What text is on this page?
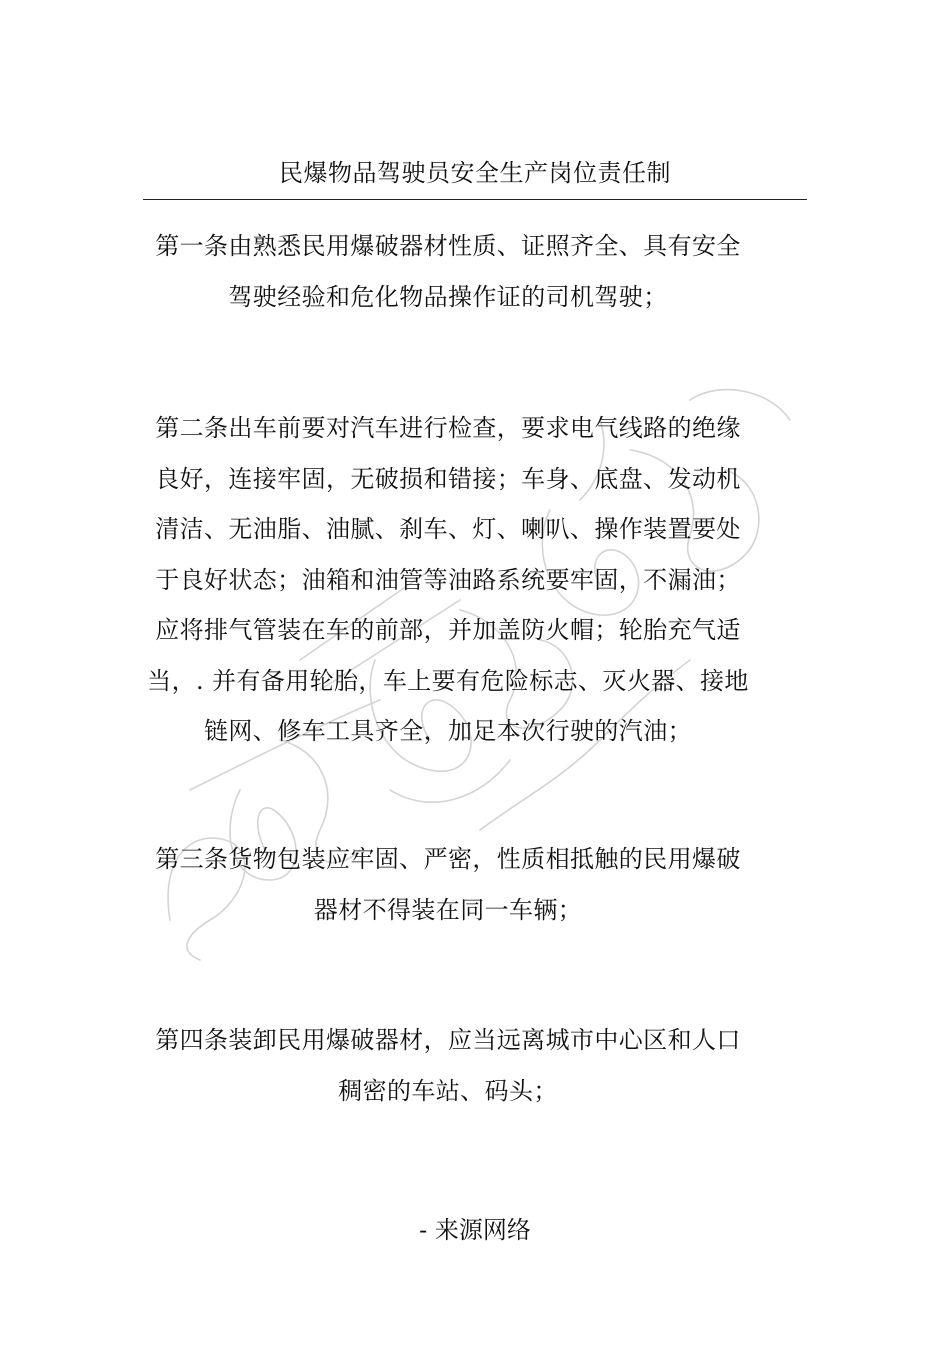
民爆物品驾驶员安全生产岗位责任制
第一条由熟悉民用爆破器材性质、证照齐全、具有安全
驾驶经验和危化物品操作证的司机驾驶；
第二条出车前要对汽车进行检查，要求电气线路的绝缘
良好，连接牢固，无破损和错接；车身、底盘、发动机
清洁、无油脂、油腻、刹车、灯、喇叭、操作装置要处
于良好状态；油箱和油管等油路系统要牢固，不漏油；
应将排气管装在车的前部，并加盖防火帽；轮胎充气适
当，. 并有备用轮胎，车上要有危险标志、灭火器、接地
链网、修车工具齐全，加足本次行驶的汽油；
第三条货物包装应牢固、严密，性质相抵触的民用爆破
器材不得装在同一车辆；
第四条装卸民用爆破器材，应当远离城市中心区和人口
稠密的车站、码头；
- 来源网络
